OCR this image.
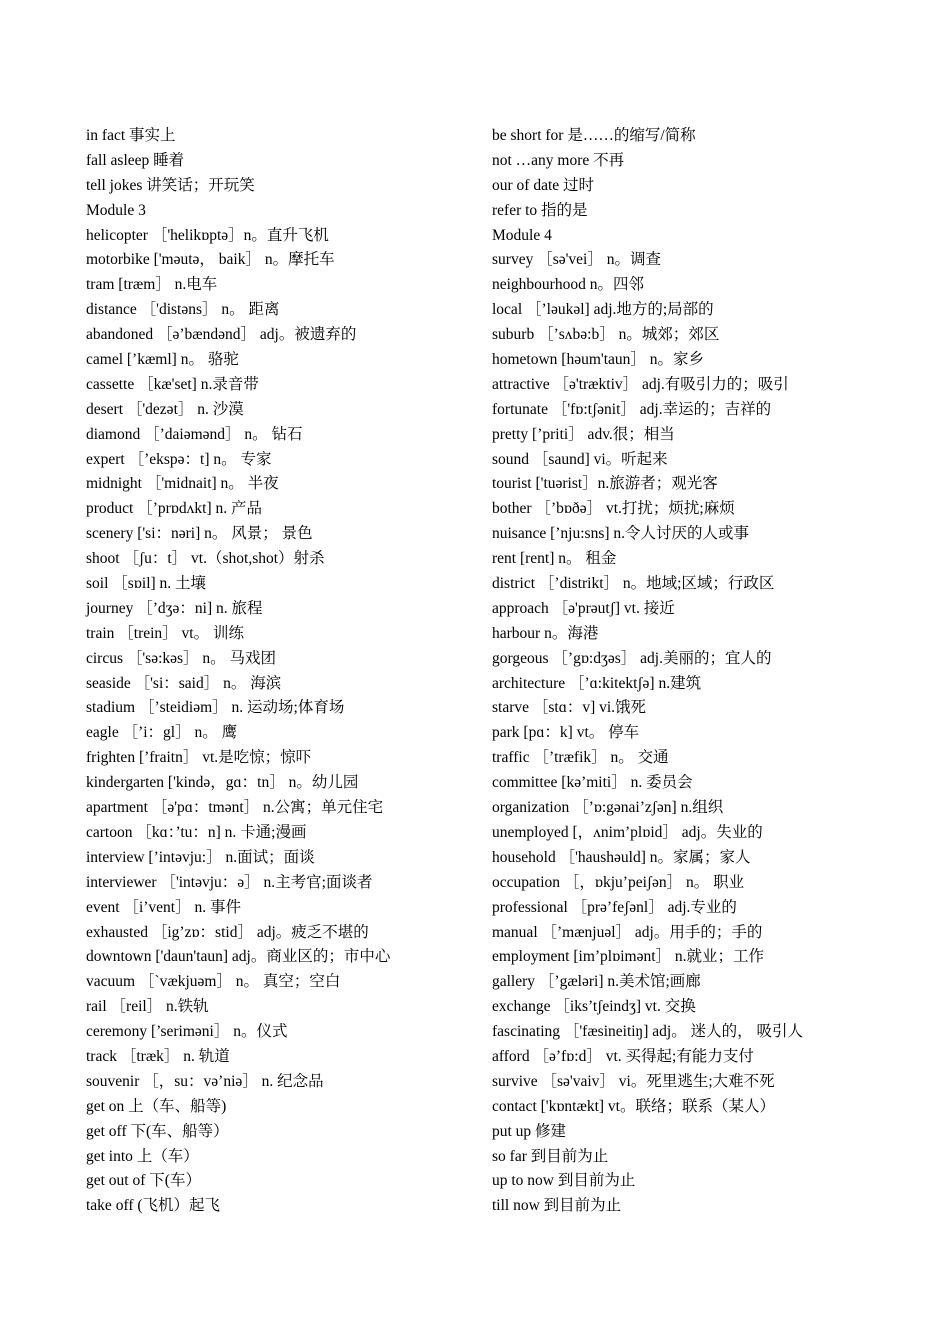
in fact 事实上
fall asleep 睡着
tell jokes 讲笑话；开玩笑
Module 3
helicopter ［'helikɒptə］n。直升飞机
motorbike ['məutə， baik］ n。摩托车
tram [træm］ n.电车
distance ［'distəns］ n。 距离
abandoned ［ə’bændənd］ adj。被遗弃的
camel [’kæml] n。 骆驼
cassette ［kæ'set] n.录音带
desert ［'dezət］ n. 沙漠
diamond ［’daiəmənd］ n。 钻石
expert ［’ekspə：t] n。 专家
midnight ［'midnait] n。 半夜
product ［’prɒdʌkt] n. 产品
scenery ['si：nəri] n。 风景； 景色
shoot ［ʃu：t］ vt.（shot,shot）射杀
soil ［sɒil] n. 土壤
journey ［’dʒə：ni] n. 旅程
train ［trein］ vt。 训练
circus ［'sə:kəs］ n。 马戏团
seaside ［'si：said］ n。 海滨
stadium ［’steidiəm］ n. 运动场;体育场
eagle ［’i：gl］ n。 鹰
frighten [’fraitn］ vt.是吃惊；惊吓
kindergarten ['kində，gɑ：tn］ n。幼儿园
apartment ［ə'pɑ：tmənt］ n.公寓；单元住宅
cartoon ［kɑ：’tu：n] n. 卡通;漫画
interview [’intəvju:］ n.面试；面谈
interviewer ［'intəvju：ə］ n.主考官;面谈者
event ［i’vent］ n. 事件
exhausted ［ig’zɒ：stid］ adj。疲乏不堪的
downtown ['daun'taun] adj。商业区的；市中心
vacuum ［`vækjuəm］ n。 真空；空白
rail ［reil］ n.铁轨
ceremony [’seriməni］ n。仪式
track ［træk］ n. 轨道
souvenir ［，su：və’niə］ n. 纪念品
get on 上（车、船等)
get off 下(车、船等）
get into 上（车）
get out of 下(车）
take off (飞机）起飞
be short for 是……的缩写/简称
not …any more 不再
our of date 过时
refer to 指的是
Module 4
survey ［sə'vei］ n。调查
neighbourhood n。四邻
local ［’ləukəl] adj.地方的;局部的
suburb ［’sʌbə:b］ n。城郊；郊区
hometown [həum'taun］ n。家乡
attractive ［ə'træktiv］ adj.有吸引力的；吸引
fortunate ［'fɒ:tʃənit］ adj.幸运的；吉祥的
pretty [’priti］ adv.很；相当
sound ［saund] vi。听起来
tourist ['tuərist］n.旅游者；观光客
bother ［’bɒðə］ vt.打扰；烦扰;麻烦
nuisance [’nju:sns] n.令人讨厌的人或事
rent [rent] n。 租金
district ［’distrikt］ n。地域;区域；行政区
approach ［ə'prəutʃ] vt. 接近
harbour n。海港
gorgeous ［’gɒ:dʒəs］ adj.美丽的；宜人的
architecture ［’ɑ:kitektʃə] n.建筑
starve ［stɑ：v] vi.饿死
park [pɑ：k] vt。 停车
traffic ［’træfik］ n。 交通
committee [kə’miti］ n. 委员会
organization ［’ɒ:gənai’zʃən] n.组织
unemployed [，ʌnim’plɒid］ adj。失业的
household ［'haushəuld] n。家属；家人
occupation ［，ɒkju’peiʃən］ n。 职业
professional ［prə’feʃənl］ adj.专业的
manual ［’mænjuəl］ adj。用手的；手的
employment [im’plɒimənt］ n.就业；工作
gallery ［’gæləri] n.美术馆;画廊
exchange ［iks’tʃeindʒ] vt. 交换
fascinating ［'fæsineitiŋ] adj。 迷人的， 吸引人
afford ［ə’fɒ:d］ vt. 买得起;有能力支付
survive ［sə'vaiv］ vi。死里逃生;大难不死
contact ['kɒntækt] vt。联络；联系（某人）
put up 修建
so far 到目前为止
up to now 到目前为止
till now 到目前为止
